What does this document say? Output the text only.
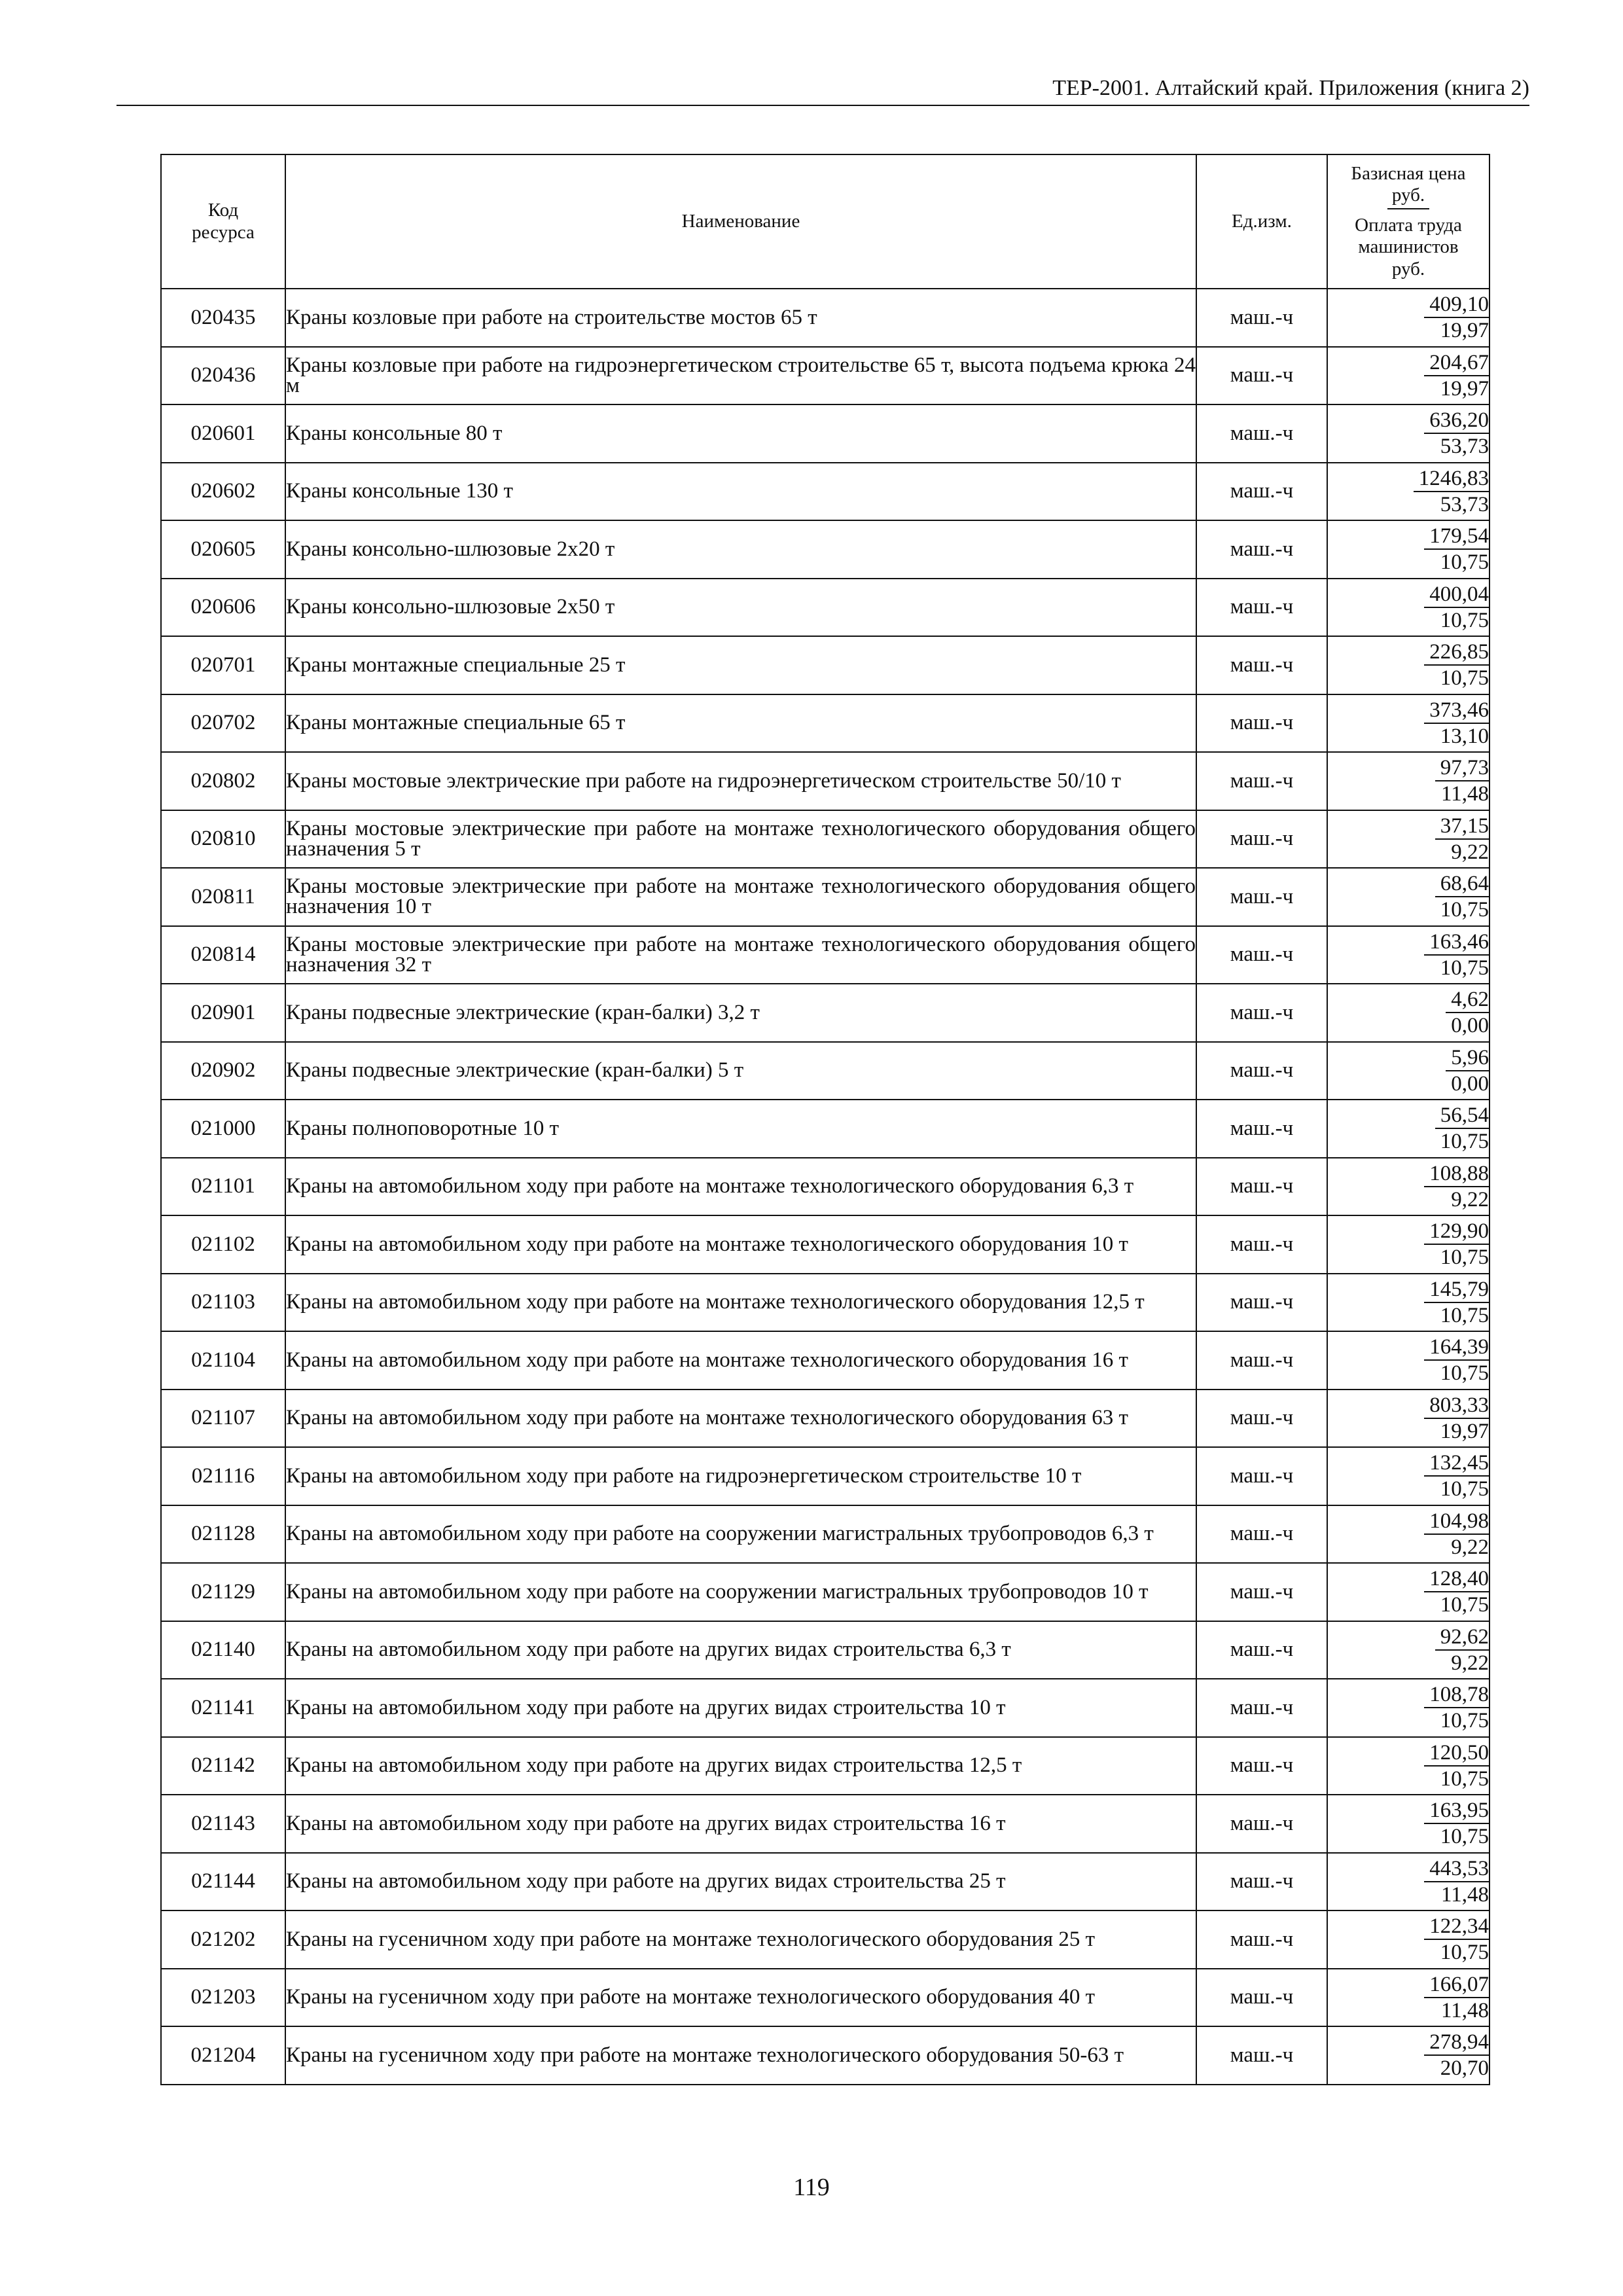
ТЕР-2001. Алтайский край. Приложения (книга 2)
Код
ресурса	Наименование	Ед.изм.	Базисная цена
руб.
Оплата труда
машинистов
руб.

020435	Краны козловые при работе на строительстве мостов 65 т	маш.-ч	$\frac{409,10}{19,97}$

020436	Краны козловые при работе на гидроэнергетическом строительстве 65 т, высота подъема крюка 24 м	маш.-ч	$\frac{204,67}{19,97}$

020601	Краны консольные 80 т	маш.-ч	$\frac{636,20}{53,73}$

020602	Краны консольные 130 т	маш.-ч	$\frac{1246,83}{53,73}$

020605	Краны консольно-шлюзовые 2х20 т	маш.-ч	$\frac{179,54}{10,75}$

020606	Краны консольно-шлюзовые 2х50 т	маш.-ч	$\frac{400,04}{10,75}$

020701	Краны монтажные специальные 25 т	маш.-ч	$\frac{226,85}{10,75}$

020702	Краны монтажные специальные 65 т	маш.-ч	$\frac{373,46}{13,10}$

020802	Краны мостовые электрические при работе на гидроэнергетическом строительстве 50/10 т	маш.-ч	$\frac{97,73}{11,48}$

020810	Краны мостовые электрические при работе на монтаже технологического оборудования общего назначения 5 т	маш.-ч	$\frac{37,15}{9,22}$

020811	Краны мостовые электрические при работе на монтаже технологического оборудования общего назначения 10 т	маш.-ч	$\frac{68,64}{10,75}$

020814	Краны мостовые электрические при работе на монтаже технологического оборудования общего назначения 32 т	маш.-ч	$\frac{163,46}{10,75}$

020901	Краны подвесные электрические (кран-балки) 3,2 т	маш.-ч	$\frac{4,62}{0,00}$

020902	Краны подвесные электрические (кран-балки) 5 т	маш.-ч	$\frac{5,96}{0,00}$

021000	Краны полноповоротные 10 т	маш.-ч	$\frac{56,54}{10,75}$

021101	Краны на автомобильном ходу при работе на монтаже технологического оборудования 6,3 т	маш.-ч	$\frac{108,88}{9,22}$

021102	Краны на автомобильном ходу при работе на монтаже технологического оборудования 10 т	маш.-ч	$\frac{129,90}{10,75}$

021103	Краны на автомобильном ходу при работе на монтаже технологического оборудования 12,5 т	маш.-ч	$\frac{145,79}{10,75}$

021104	Краны на автомобильном ходу при работе на монтаже технологического оборудования 16 т	маш.-ч	$\frac{164,39}{10,75}$

021107	Краны на автомобильном ходу при работе на монтаже технологического оборудования 63 т	маш.-ч	$\frac{803,33}{19,97}$

021116	Краны на автомобильном ходу при работе на гидроэнергетическом строительстве 10 т	маш.-ч	$\frac{132,45}{10,75}$

021128	Краны на автомобильном ходу при работе на сооружении магистральных трубопроводов 6,3 т	маш.-ч	$\frac{104,98}{9,22}$

021129	Краны на автомобильном ходу при работе на сооружении магистральных трубопроводов 10 т	маш.-ч	$\frac{128,40}{10,75}$

021140	Краны на автомобильном ходу при работе на других видах строительства 6,3 т	маш.-ч	$\frac{92,62}{9,22}$

021141	Краны на автомобильном ходу при работе на других видах строительства 10 т	маш.-ч	$\frac{108,78}{10,75}$

021142	Краны на автомобильном ходу при работе на других видах строительства 12,5 т	маш.-ч	$\frac{120,50}{10,75}$

021143	Краны на автомобильном ходу при работе на других видах строительства 16 т	маш.-ч	$\frac{163,95}{10,75}$

021144	Краны на автомобильном ходу при работе на других видах строительства 25 т	маш.-ч	$\frac{443,53}{11,48}$

021202	Краны на гусеничном ходу при работе на монтаже технологического оборудования 25 т	маш.-ч	$\frac{122,34}{10,75}$

021203	Краны на гусеничном ходу при работе на монтаже технологического оборудования 40 т	маш.-ч	$\frac{166,07}{11,48}$

021204	Краны на гусеничном ходу при работе на монтаже технологического оборудования 50-63 т	маш.-ч	$\frac{278,94}{20,70}$
119
